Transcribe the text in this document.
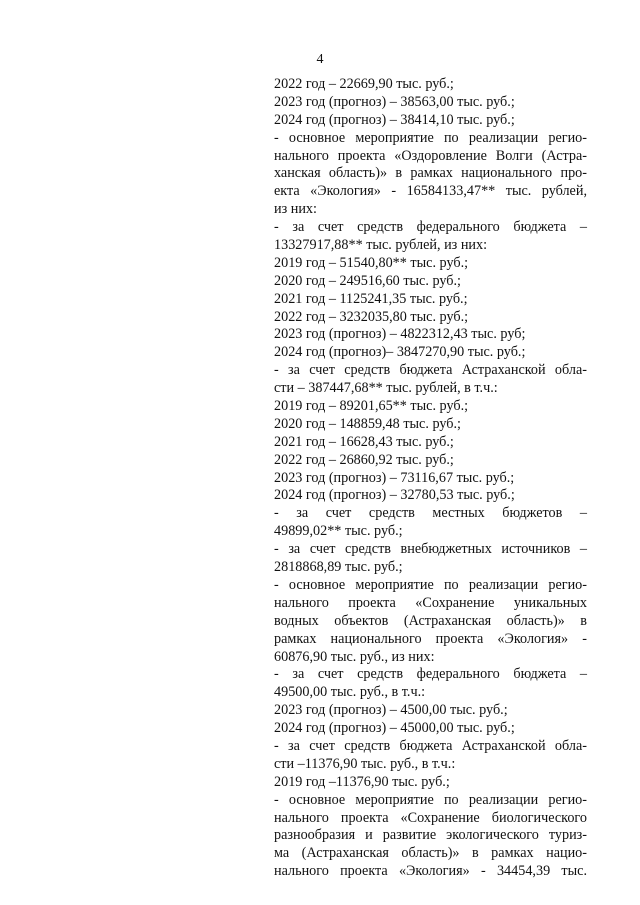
4
2022 год – 22669,90 тыс. руб.;
2023 год (прогноз) – 38563,00 тыс. руб.;
2024 год (прогноз) – 38414,10 тыс. руб.;
- основное мероприятие по реализации регио-
нального проекта «Оздоровление Волги (Астра-
ханская область)» в рамках национального про-
екта «Экология» - 16584133,47** тыс. рублей,
из них:
- за счет средств федерального бюджета –
13327917,88** тыс. рублей, из них:
2019 год – 51540,80** тыс. руб.;
2020 год – 249516,60 тыс. руб.;
2021 год – 1125241,35 тыс. руб.;
2022 год – 3232035,80 тыс. руб.;
2023 год (прогноз) – 4822312,43 тыс. руб;
2024 год (прогноз)– 3847270,90 тыс. руб.;
- за счет средств бюджета Астраханской обла-
сти – 387447,68** тыс. рублей, в т.ч.:
2019 год – 89201,65** тыс. руб.;
2020 год – 148859,48 тыс. руб.;
2021 год – 16628,43 тыс. руб.;
2022 год – 26860,92 тыс. руб.;
2023 год (прогноз) – 73116,67 тыс. руб.;
2024 год (прогноз) – 32780,53 тыс. руб.;
- за счет средств местных бюджетов –
49899,02** тыс. руб.;
- за счет средств внебюджетных источников –
2818868,89 тыс. руб.;
- основное мероприятие по реализации регио-
нального проекта «Сохранение уникальных
водных объектов (Астраханская область)» в
рамках национального проекта «Экология» -
60876,90 тыс. руб., из них:
- за счет средств федерального бюджета –
49500,00 тыс. руб., в т.ч.:
2023 год (прогноз) – 4500,00 тыс. руб.;
2024 год (прогноз) – 45000,00 тыс. руб.;
- за счет средств бюджета Астраханской обла-
сти –11376,90 тыс. руб., в т.ч.:
2019 год –11376,90 тыс. руб.;
- основное мероприятие по реализации регио-
нального проекта «Сохранение биологического
разнообразия и развитие экологического туриз-
ма (Астраханская область)» в рамках нацио-
нального проекта «Экология» - 34454,39 тыс.
